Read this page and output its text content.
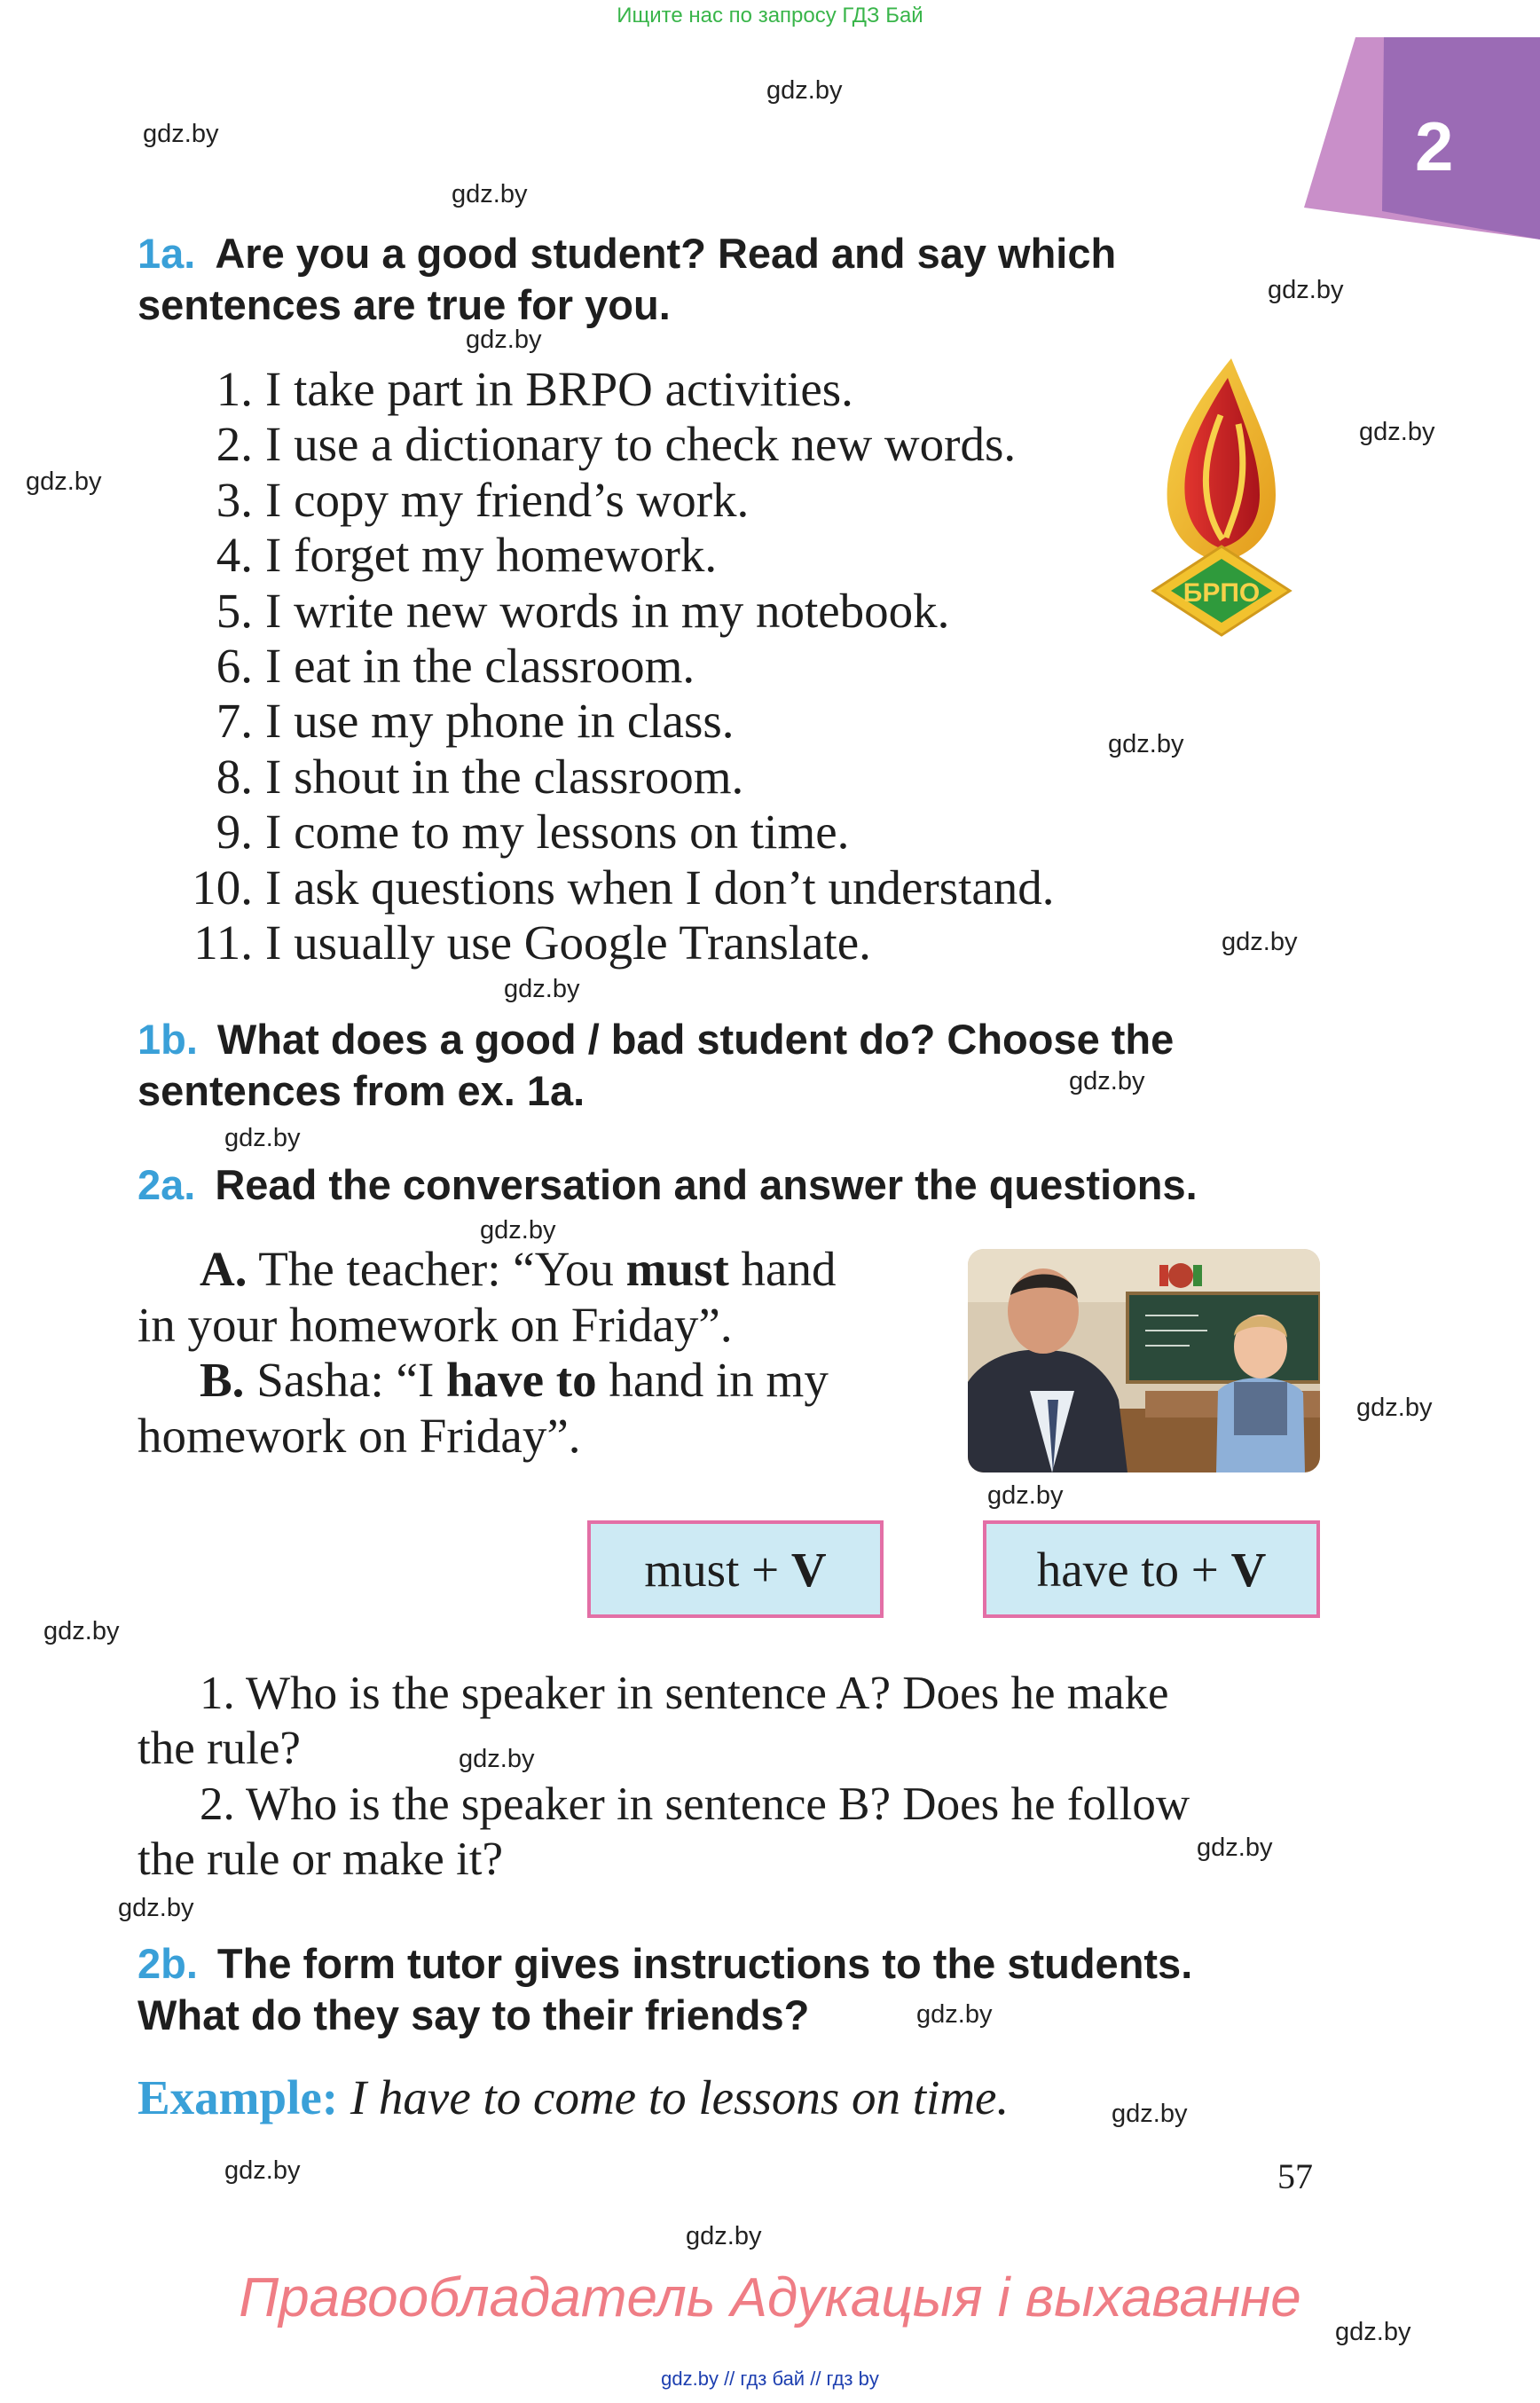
Ищите нас по запросу ГДЗ Бай
2
gdz.by
gdz.by
gdz.by
gdz.by
gdz.by
gdz.by
gdz.by
gdz.by
gdz.by
gdz.by
gdz.by
gdz.by
gdz.by
gdz.by
gdz.by
gdz.by
gdz.by
gdz.by
gdz.by
gdz.by
gdz.by
gdz.by
gdz.by
gdz.by
1a. Are you a good student? Read and say which
sentences are true for you.
1. I take part in BRPO activities.
2. I use a dictionary to check new words.
3. I copy my friend’s work.
4. I forget my homework.
5. I write new words in my notebook.
6. I eat in the classroom.
7. I use my phone in class.
8. I shout in the classroom.
9. I come to my lessons on time.
10. I ask questions when I don’t understand.
11. I usually use Google Translate.
БРПО
1b. What does a good / bad student do? Choose the
sentences from ex. 1a.
2a. Read the conversation and answer the questions.
A. The teacher: “You must hand
in your homework on Friday”.
B. Sasha: “I have to hand in my
homework on Friday”.
must +
V	have to +
V
1. Who is the speaker in sentence A? Does he make
the rule?
2. Who is the speaker in sentence B? Does he follow
the rule or make it?
2b. The form tutor gives instructions to the students.
What do they say to their friends?
Example: I have to come to lessons on time.
57
Правообладатель Адукацыя і выхаванне
gdz.by // гдз бай // гдз by
